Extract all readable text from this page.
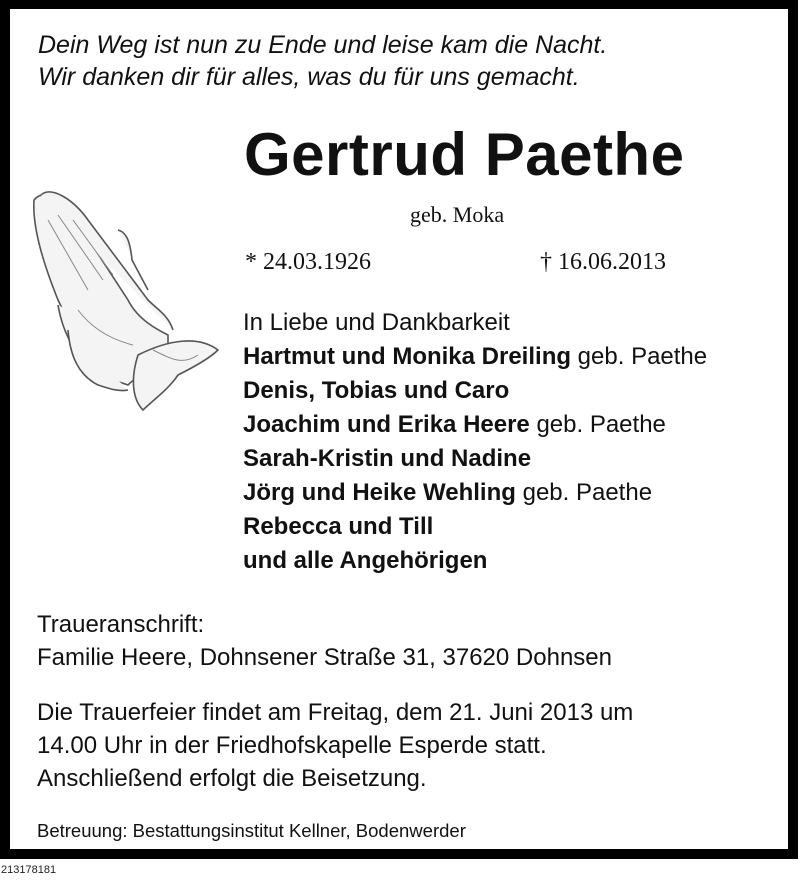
Dein Weg ist nun zu Ende und leise kam die Nacht.
Wir danken dir für alles, was du für uns gemacht.
Gertrud Paethe
geb. Moka
* 24.03.1926	† 16.06.2013
In Liebe und Dankbarkeit
Hartmut und Monika Dreiling geb. Paethe
Denis, Tobias und Caro
Joachim und Erika Heere geb. Paethe
Sarah-Kristin und Nadine
Jörg und Heike Wehling geb. Paethe
Rebecca und Till
und alle Angehörigen
Traueranschrift:
Familie Heere, Dohnsener Straße 31, 37620 Dohnsen
Die Trauerfeier findet am Freitag, dem 21. Juni 2013 um
14.00 Uhr in der Friedhofskapelle Esperde statt.
Anschließend erfolgt die Beisetzung.
Betreuung: Bestattungsinstitut Kellner, Bodenwerder
213178181
